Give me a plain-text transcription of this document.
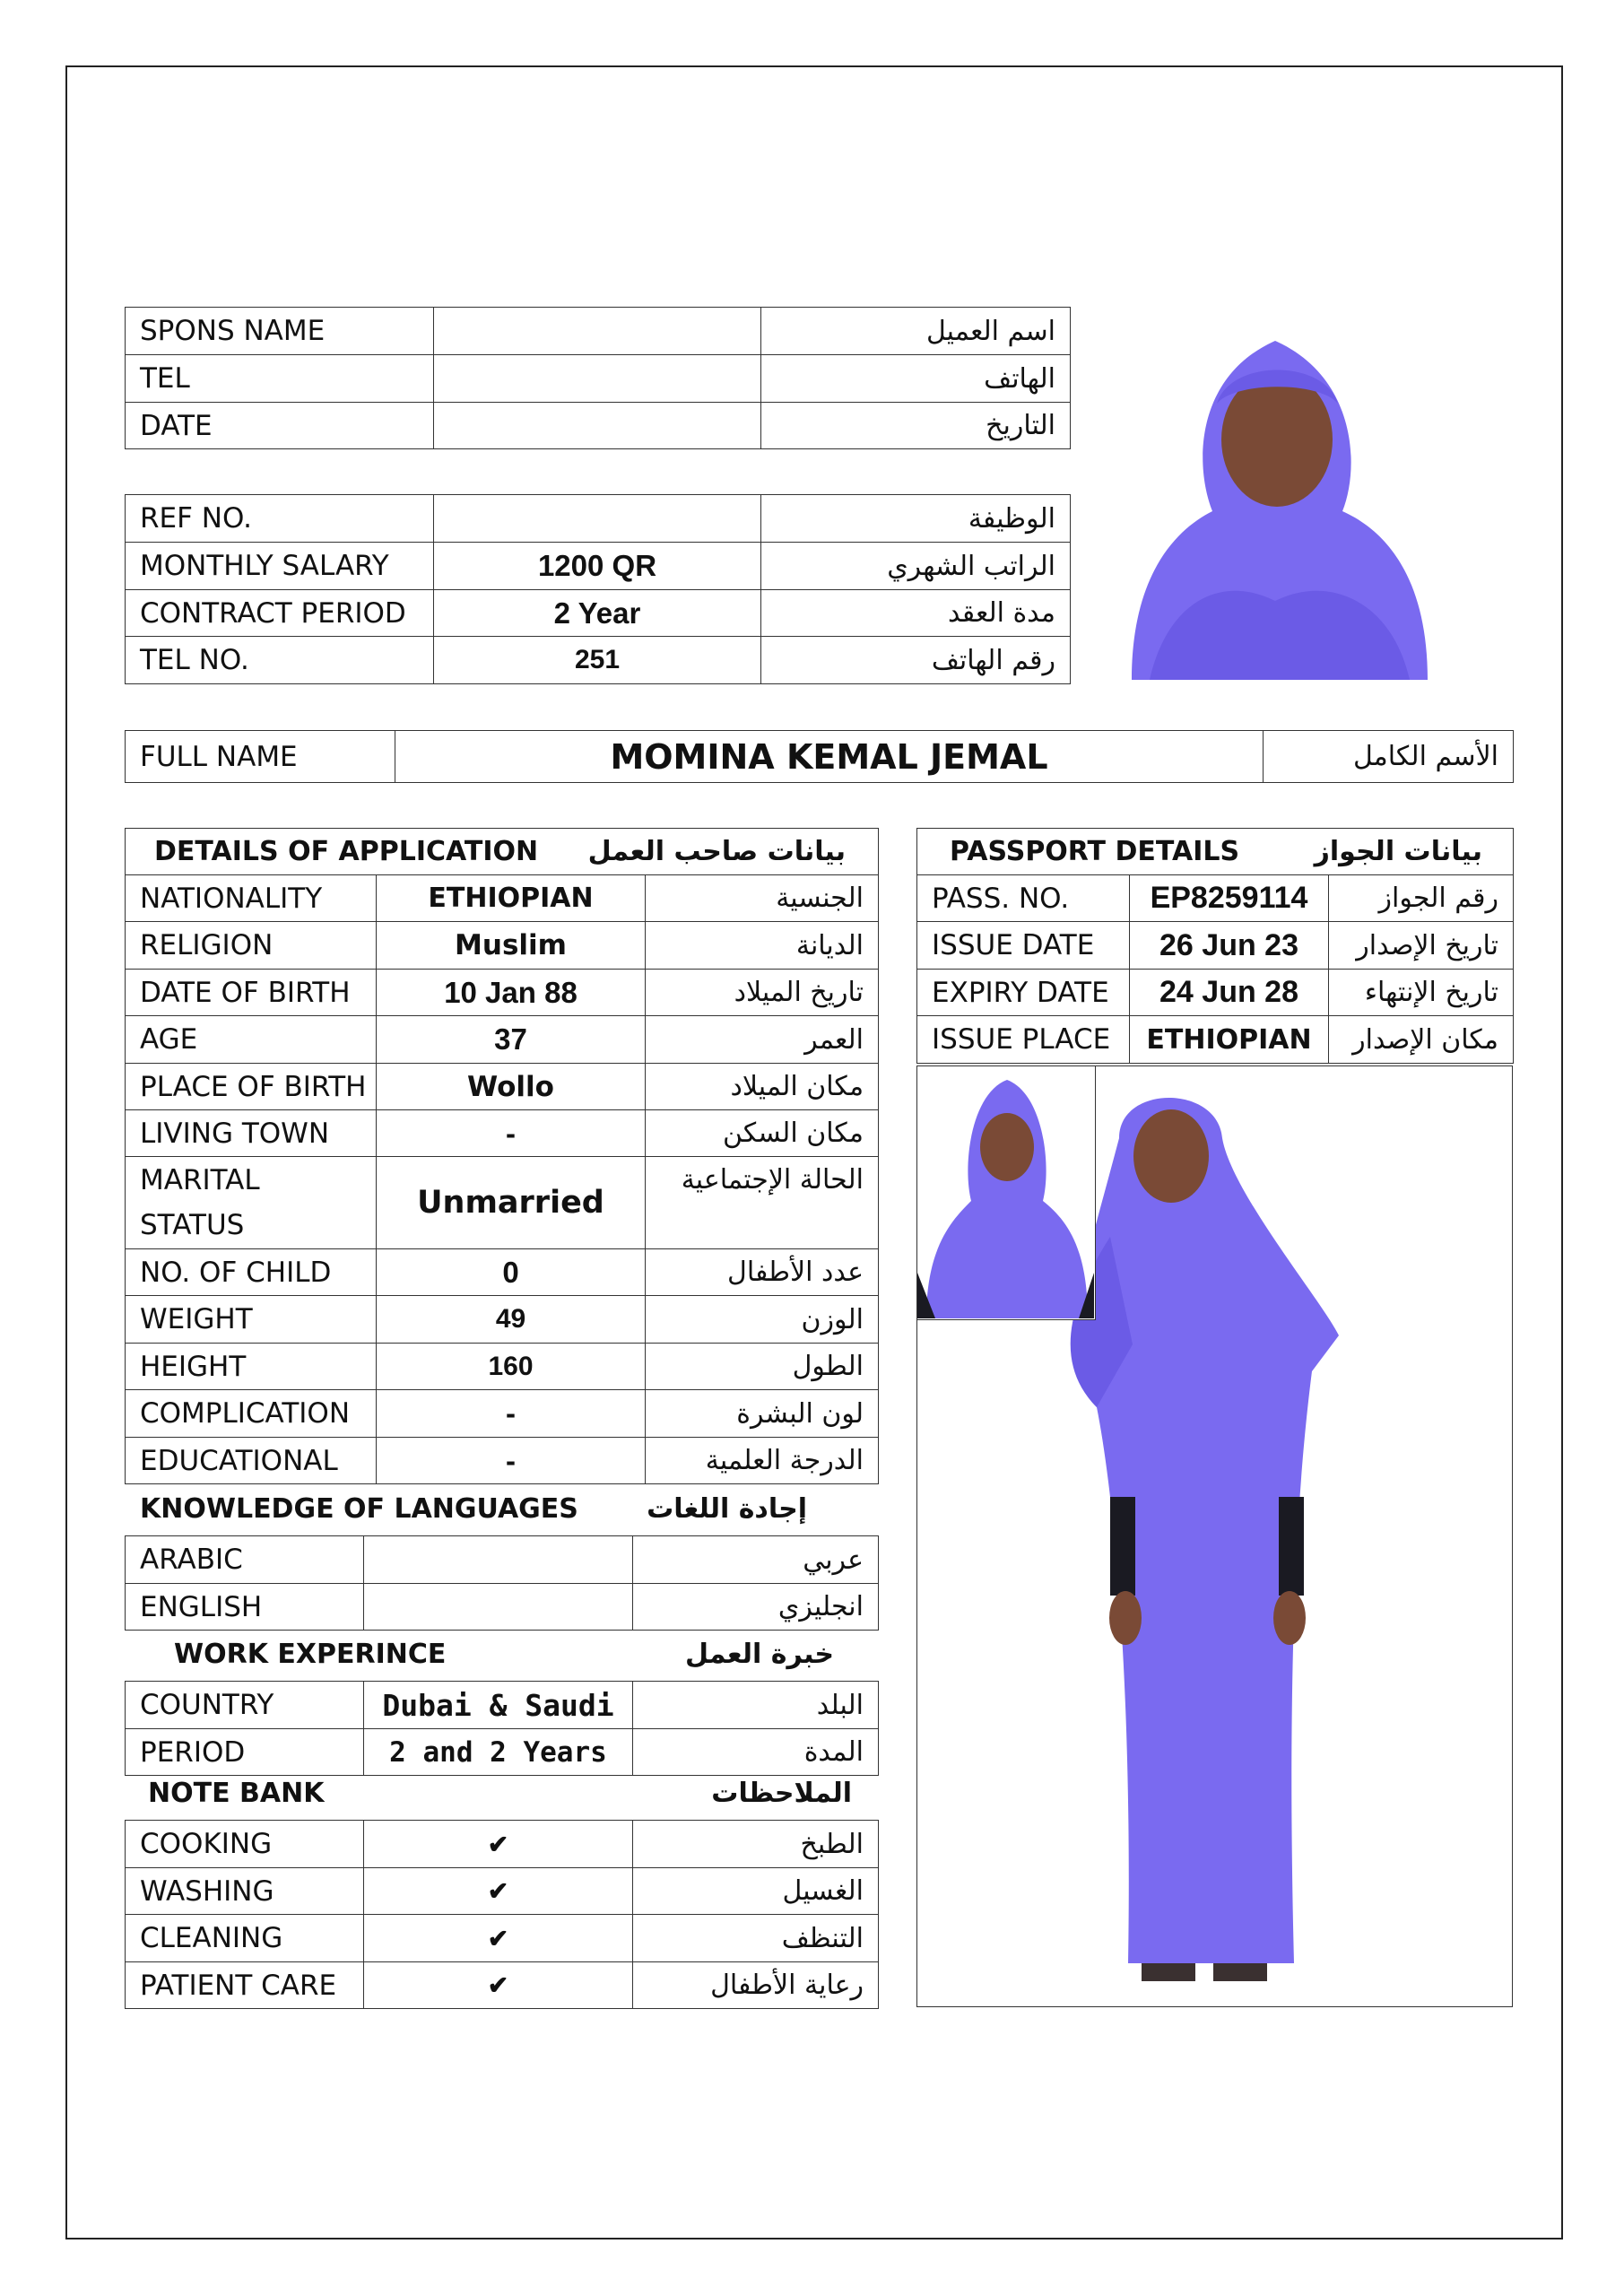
SPONS NAME		اسم العميل
TEL		الهاتف
DATE		التاريخ
REF NO.		الوظيفة
MONTHLY SALARY	1200 QR	الراتب الشهري
CONTRACT PERIOD	2 Year	مدة العقد
TEL NO.	251	رقم الهاتف
FULL NAME	MOMINA KEMAL JEMAL	الأسم الكامل
DETAILS OF APPLICATION		بيانات صاحب العمل
NATIONALITY	ETHIOPIAN	الجنسية
RELIGION	Muslim	الديانة
DATE OF BIRTH	10 Jan 88	تاريخ الميلاد
AGE	37	العمر
PLACE OF BIRTH	Wollo	مكان الميلاد
LIVING TOWN	-	مكان السكن
MARITAL STATUS	Unmarried	الحالة الإجتماعية
NO. OF CHILD	0	عدد الأطفال
WEIGHT	49	الوزن
HEIGHT	160	الطول
COMPLICATION	-	لون البشرة
EDUCATIONAL	-	الدرجة العلمية
KNOWLEDGE OF LANGUAGES	إجادة اللغات
ARABIC		عربي
ENGLISH		انجليزي
WORK EXPERINCE	خبرة العمل
COUNTRY	Dubai & Saudi	البلد
PERIOD	2 and 2 Years	المدة
NOTE BANK	الملاحظات
COOKING	✔	الطبخ
WASHING	✔	الغسيل
CLEANING	✔	التنظف
PATIENT CARE	✔	رعاية الأطفال
PASSPORT DETAILS		بيانات الجواز
PASS. NO.	EP8259114	رقم الجواز
ISSUE DATE	26 Jun 23	تاريخ الإصدار
EXPIRY DATE	24 Jun 28	تاريخ الإنتهاء
ISSUE PLACE	ETHIOPIAN	مكان الإصدار
